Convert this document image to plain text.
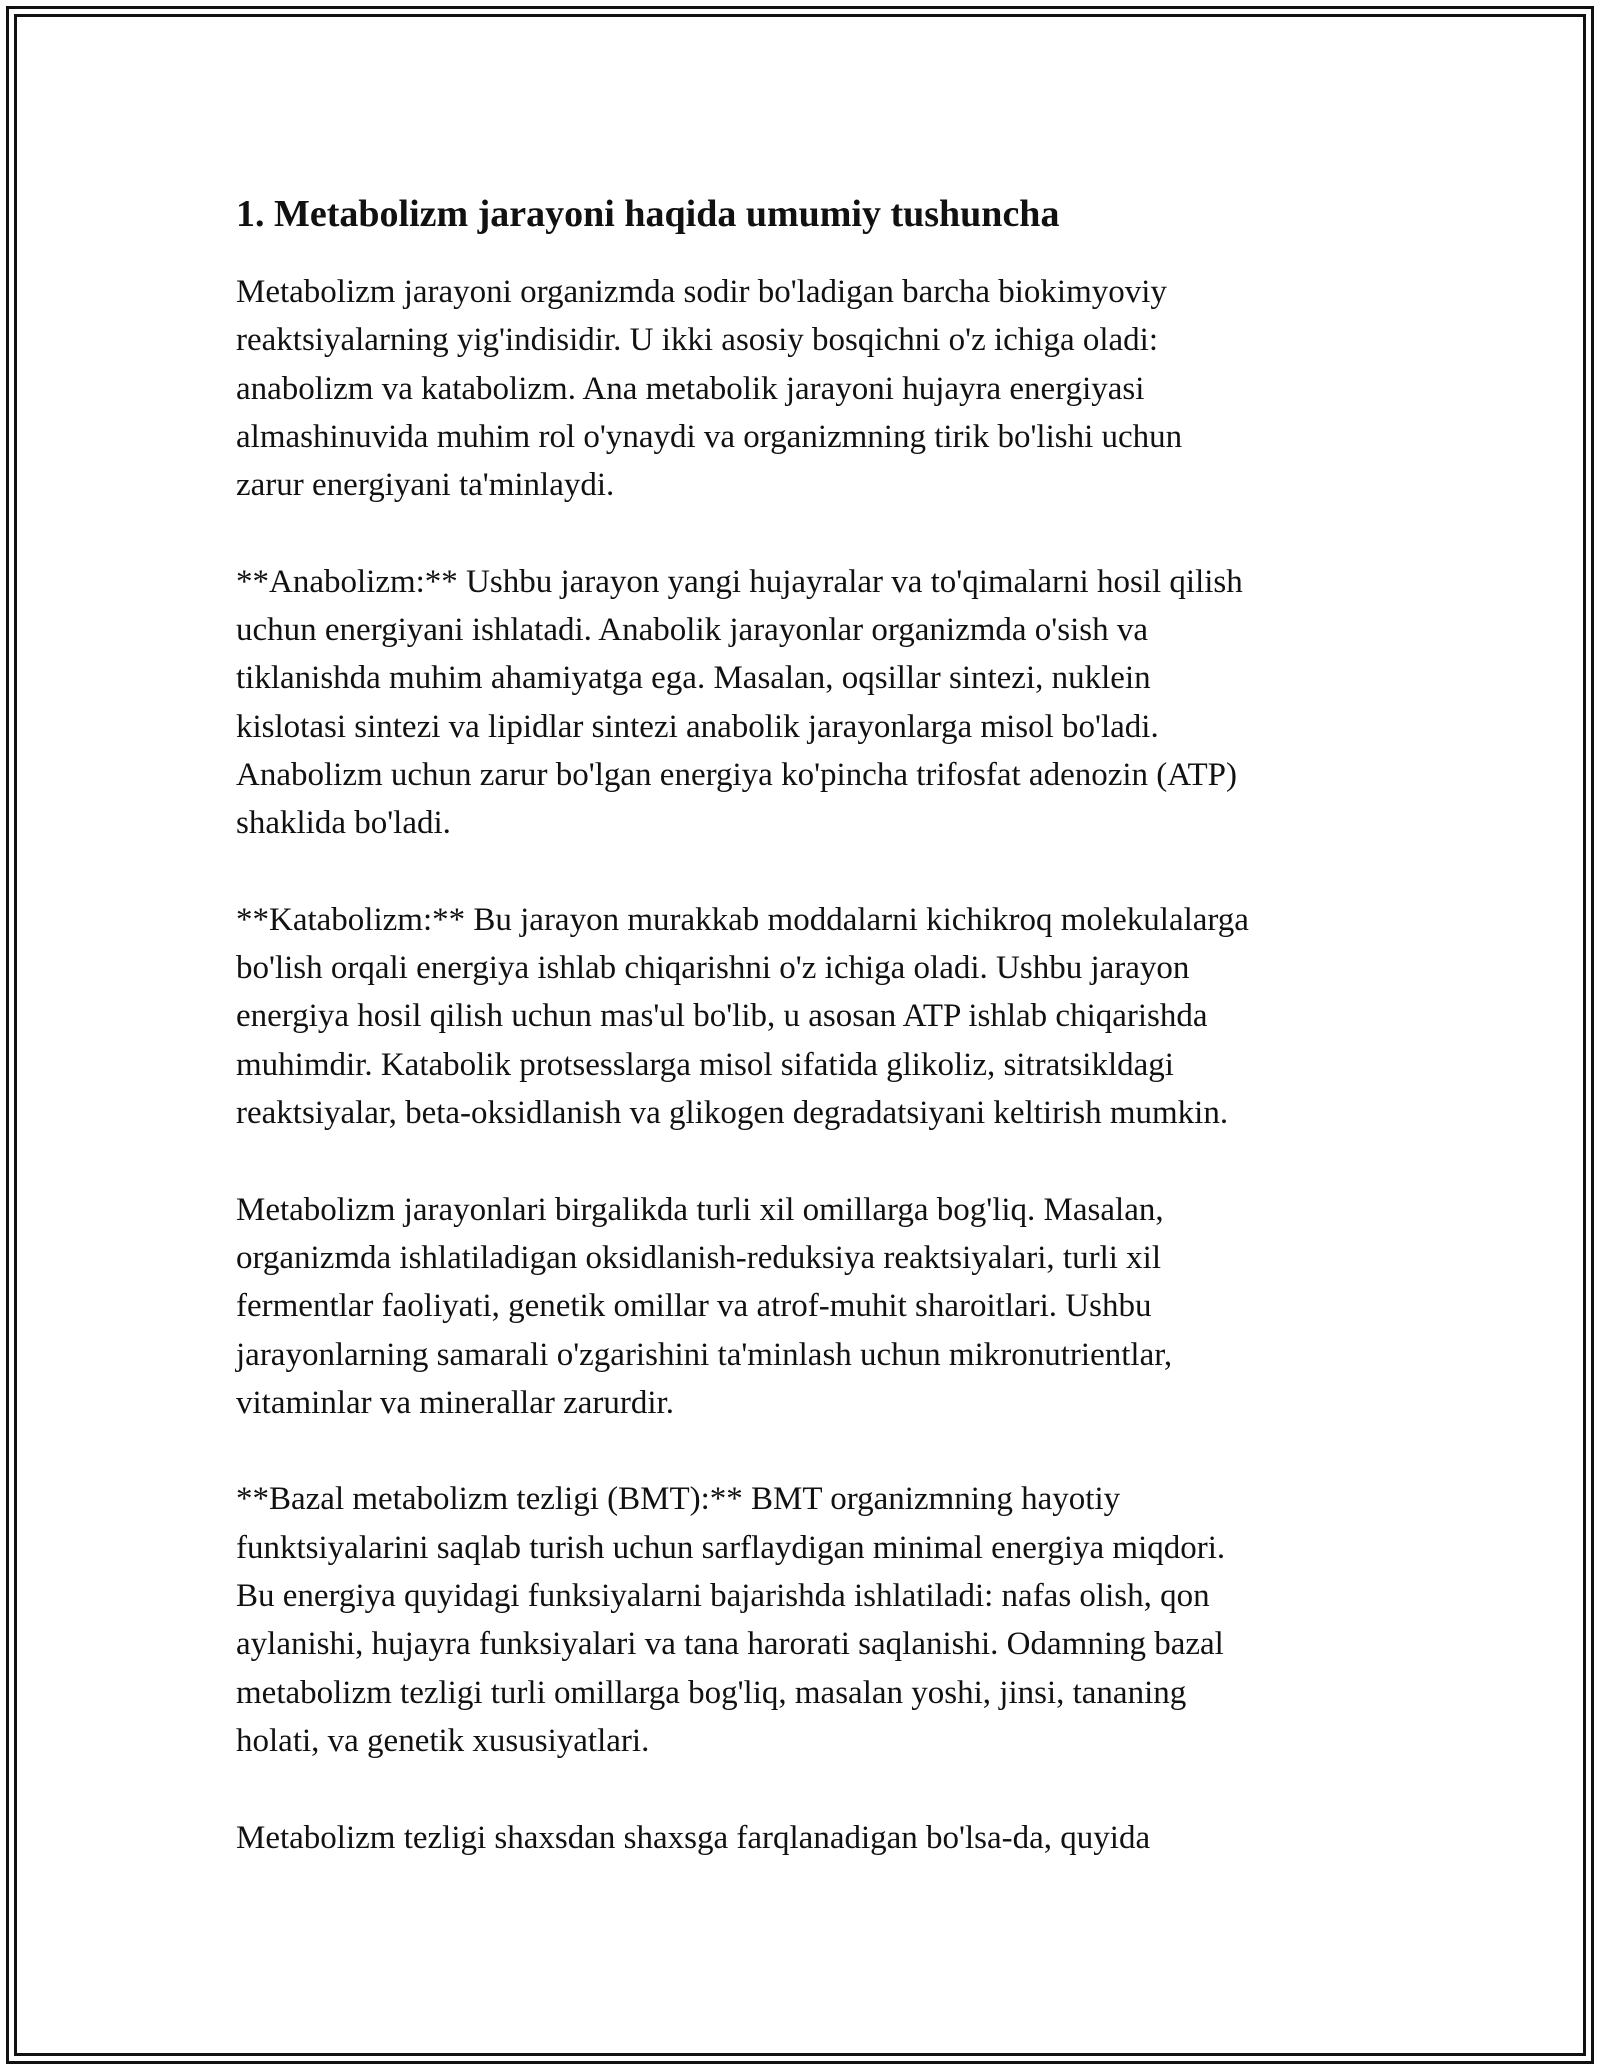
1. Metabolizm jarayoni haqida umumiy tushuncha

Metabolizm jarayoni organizmda sodir bo'ladigan barcha biokimyoviy
reaktsiyalarning yig'indisidir. U ikki asosiy bosqichni o'z ichiga oladi:
anabolizm va katabolizm. Ana metabolik jarayoni hujayra energiyasi
almashinuvida muhim rol o'ynaydi va organizmning tirik bo'lishi uchun
zarur energiyani ta'minlaydi.

**Anabolizm:** Ushbu jarayon yangi hujayralar va to'qimalarni hosil qilish
uchun energiyani ishlatadi. Anabolik jarayonlar organizmda o'sish va
tiklanishda muhim ahamiyatga ega. Masalan, oqsillar sintezi, nuklein
kislotasi sintezi va lipidlar sintezi anabolik jarayonlarga misol bo'ladi.
Anabolizm uchun zarur bo'lgan energiya ko'pincha trifosfat adenozin (ATP)
shaklida bo'ladi.

**Katabolizm:** Bu jarayon murakkab moddalarni kichikroq molekulalarga
bo'lish orqali energiya ishlab chiqarishni o'z ichiga oladi. Ushbu jarayon
energiya hosil qilish uchun mas'ul bo'lib, u asosan ATP ishlab chiqarishda
muhimdir. Katabolik protsesslarga misol sifatida glikoliz, sitratsikldagi
reaktsiyalar, beta-oksidlanish va glikogen degradatsiyani keltirish mumkin.

Metabolizm jarayonlari birgalikda turli xil omillarga bog'liq. Masalan,
organizmda ishlatiladigan oksidlanish-reduksiya reaktsiyalari, turli xil
fermentlar faoliyati, genetik omillar va atrof-muhit sharoitlari. Ushbu
jarayonlarning samarali o'zgarishini ta'minlash uchun mikronutrientlar,
vitaminlar va minerallar zarurdir.

**Bazal metabolizm tezligi (BMT):** BMT organizmning hayotiy
funktsiyalarini saqlab turish uchun sarflaydigan minimal energiya miqdori.
Bu energiya quyidagi funksiyalarni bajarishda ishlatiladi: nafas olish, qon
aylanishi, hujayra funksiyalari va tana harorati saqlanishi. Odamning bazal
metabolizm tezligi turli omillarga bog'liq, masalan yoshi, jinsi, tananing
holati, va genetik xususiyatlari.

Metabolizm tezligi shaxsdan shaxsga farqlanadigan bo'lsa-da, quyida
